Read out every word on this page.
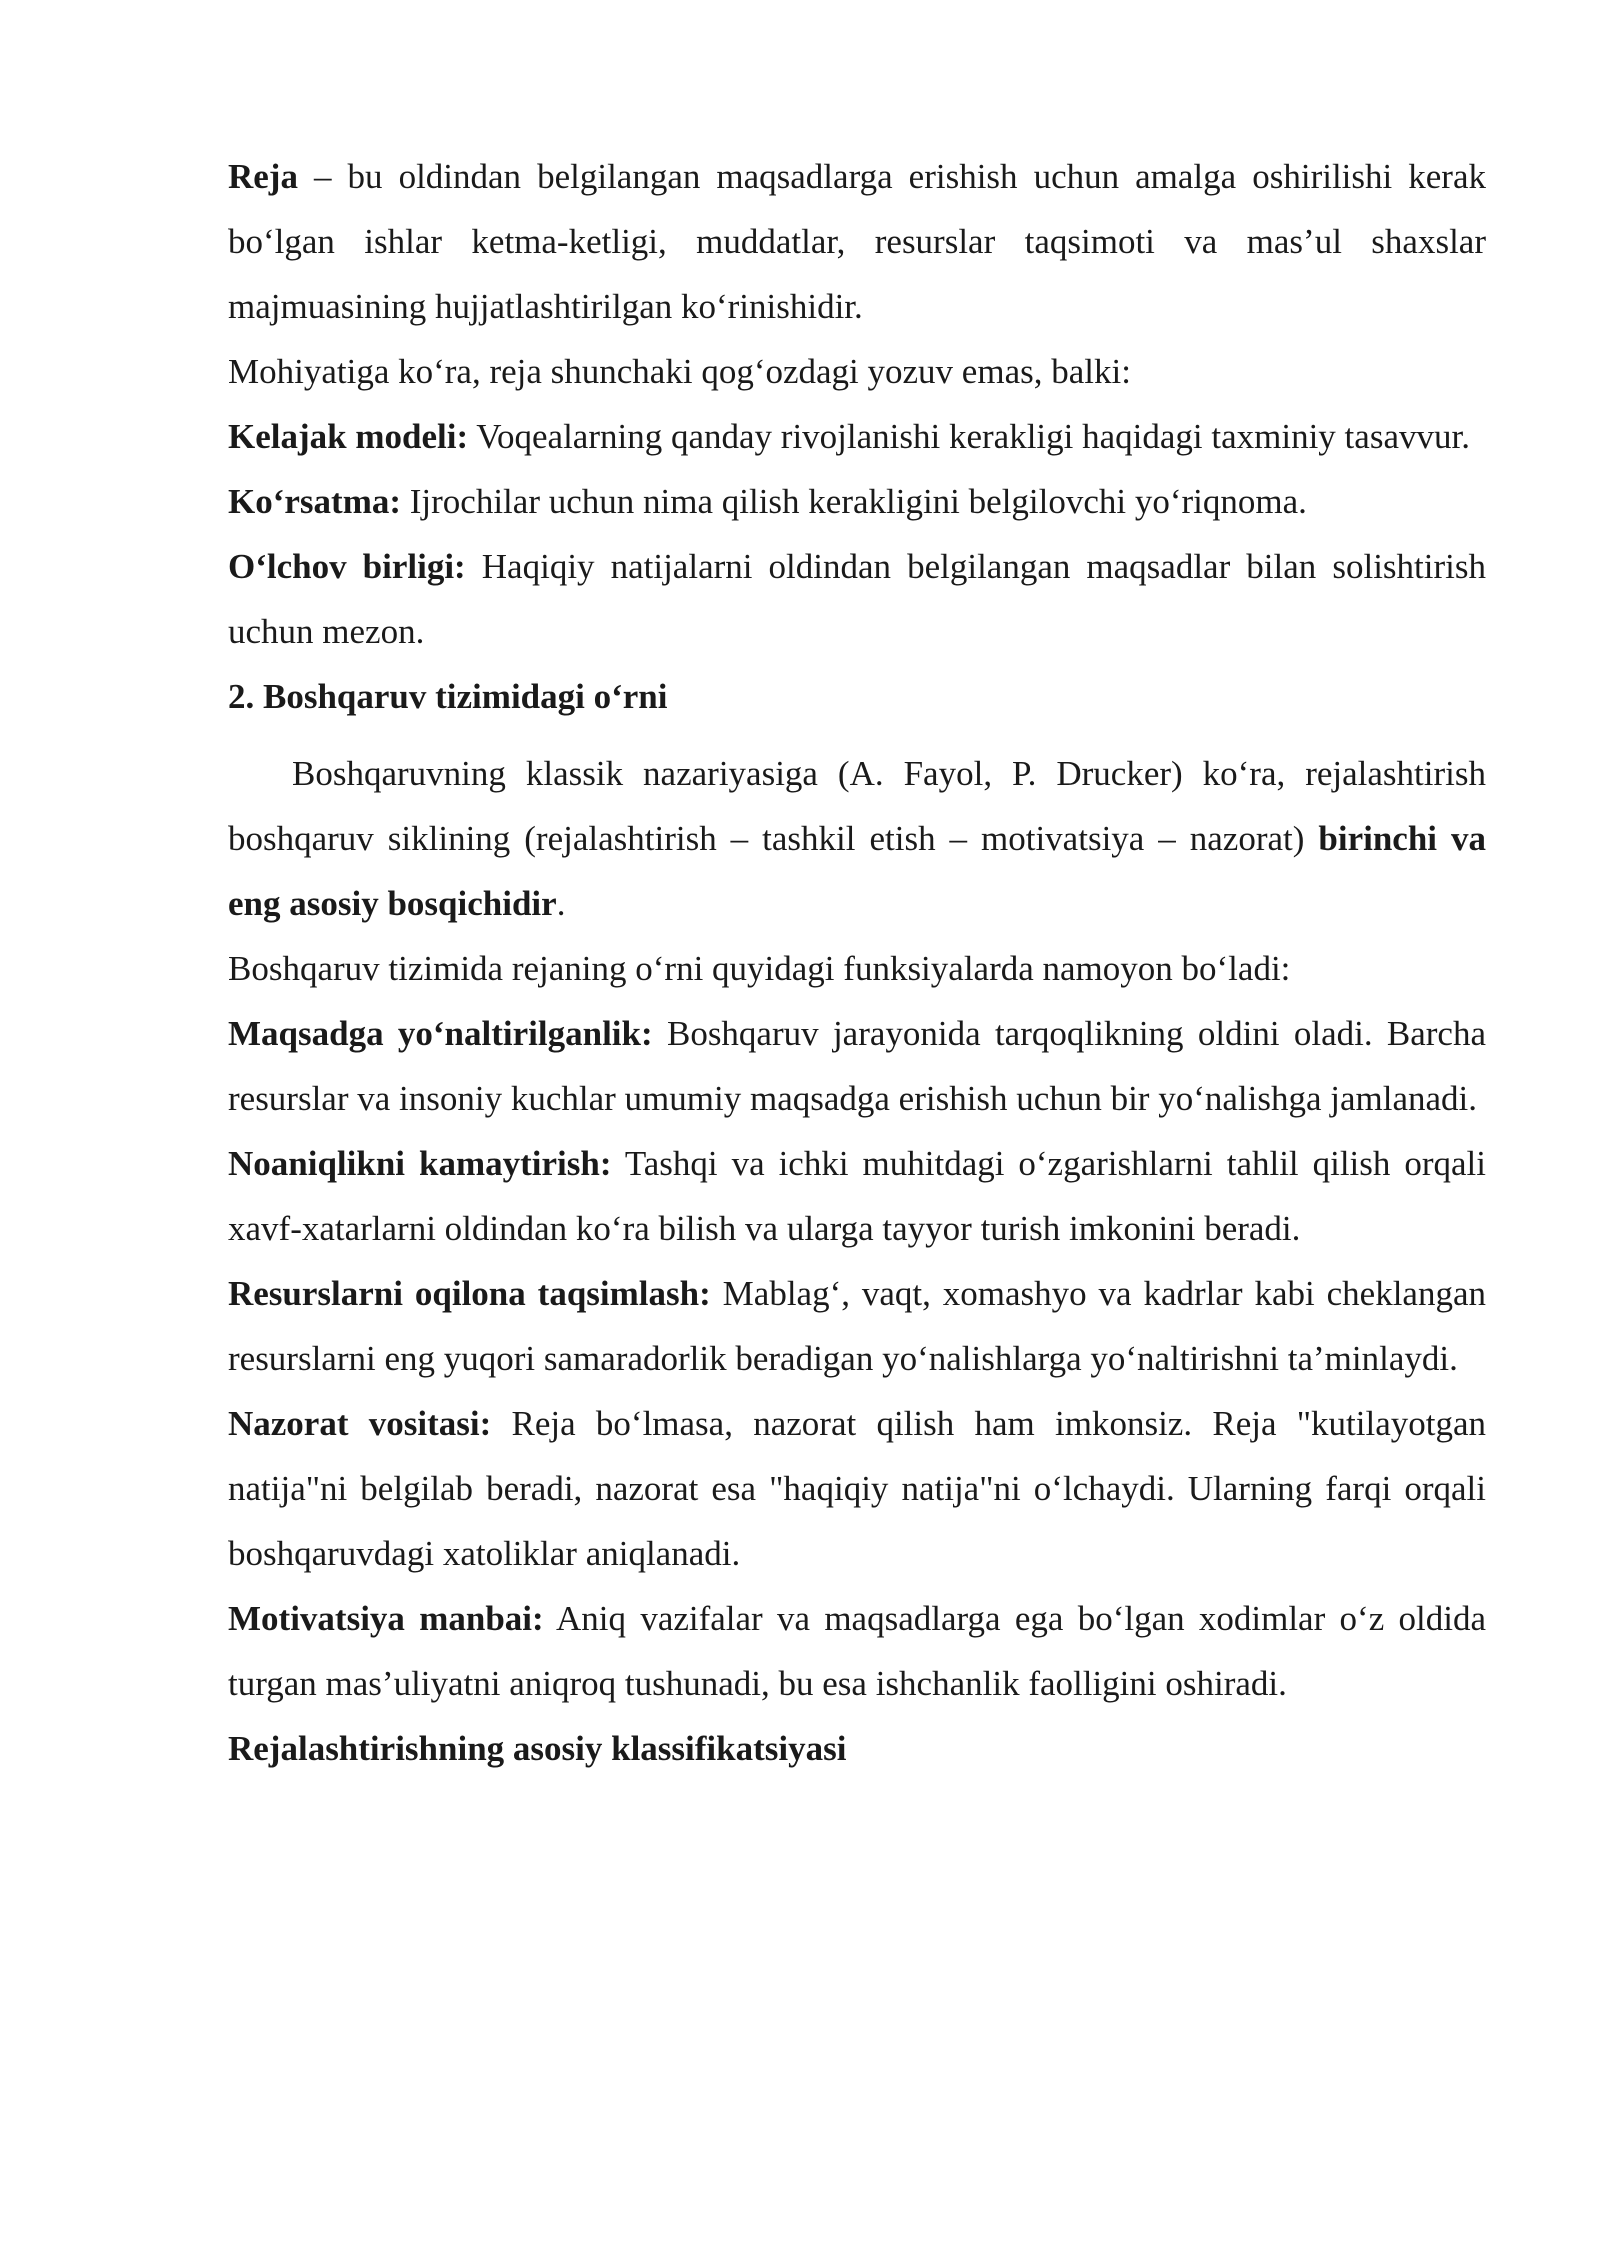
Reja – bu oldindan belgilangan maqsadlarga erishish uchun amalga oshirilishi kerak bo‘lgan ishlar ketma-ketligi, muddatlar, resurslar taqsimoti va mas’ul shaxslar majmuasining hujjatlashtirilgan ko‘rinishidir.

Mohiyatiga ko‘ra, reja shunchaki qog‘ozdagi yozuv emas, balki:

Kelajak modeli: Voqealarning qanday rivojlanishi kerakligi haqidagi taxminiy tasavvur.

Ko‘rsatma: Ijrochilar uchun nima qilish kerakligini belgilovchi yo‘riqnoma.

O‘lchov birligi: Haqiqiy natijalarni oldindan belgilangan maqsadlar bilan solishtirish uchun mezon.

2. Boshqaruv tizimidagi o‘rni

Boshqaruvning klassik nazariyasiga (A. Fayol, P. Drucker) ko‘ra, rejalashtirish boshqaruv siklining (rejalashtirish – tashkil etish – motivatsiya – nazorat) birinchi va eng asosiy bosqichidir.

Boshqaruv tizimida rejaning o‘rni quyidagi funksiyalarda namoyon bo‘ladi:

Maqsadga yo‘naltirilganlik: Boshqaruv jarayonida tarqoqlikning oldini oladi. Barcha resurslar va insoniy kuchlar umumiy maqsadga erishish uchun bir yo‘nalishga jamlanadi.

Noaniqlikni kamaytirish: Tashqi va ichki muhitdagi o‘zgarishlarni tahlil qilish orqali xavf-xatarlarni oldindan ko‘ra bilish va ularga tayyor turish imkonini beradi.

Resurslarni oqilona taqsimlash: Mablag‘, vaqt, xomashyo va kadrlar kabi cheklangan resurslarni eng yuqori samaradorlik beradigan yo‘nalishlarga yo‘naltirishni ta’minlaydi.

Nazorat vositasi: Reja bo‘lmasa, nazorat qilish ham imkonsiz. Reja "kutilayotgan natija"ni belgilab beradi, nazorat esa "haqiqiy natija"ni o‘lchaydi. Ularning farqi orqali boshqaruvdagi xatoliklar aniqlanadi.

Motivatsiya manbai: Aniq vazifalar va maqsadlarga ega bo‘lgan xodimlar o‘z oldida turgan mas’uliyatni aniqroq tushunadi, bu esa ishchanlik faolligini oshiradi.

Rejalashtirishning asosiy klassifikatsiyasi
